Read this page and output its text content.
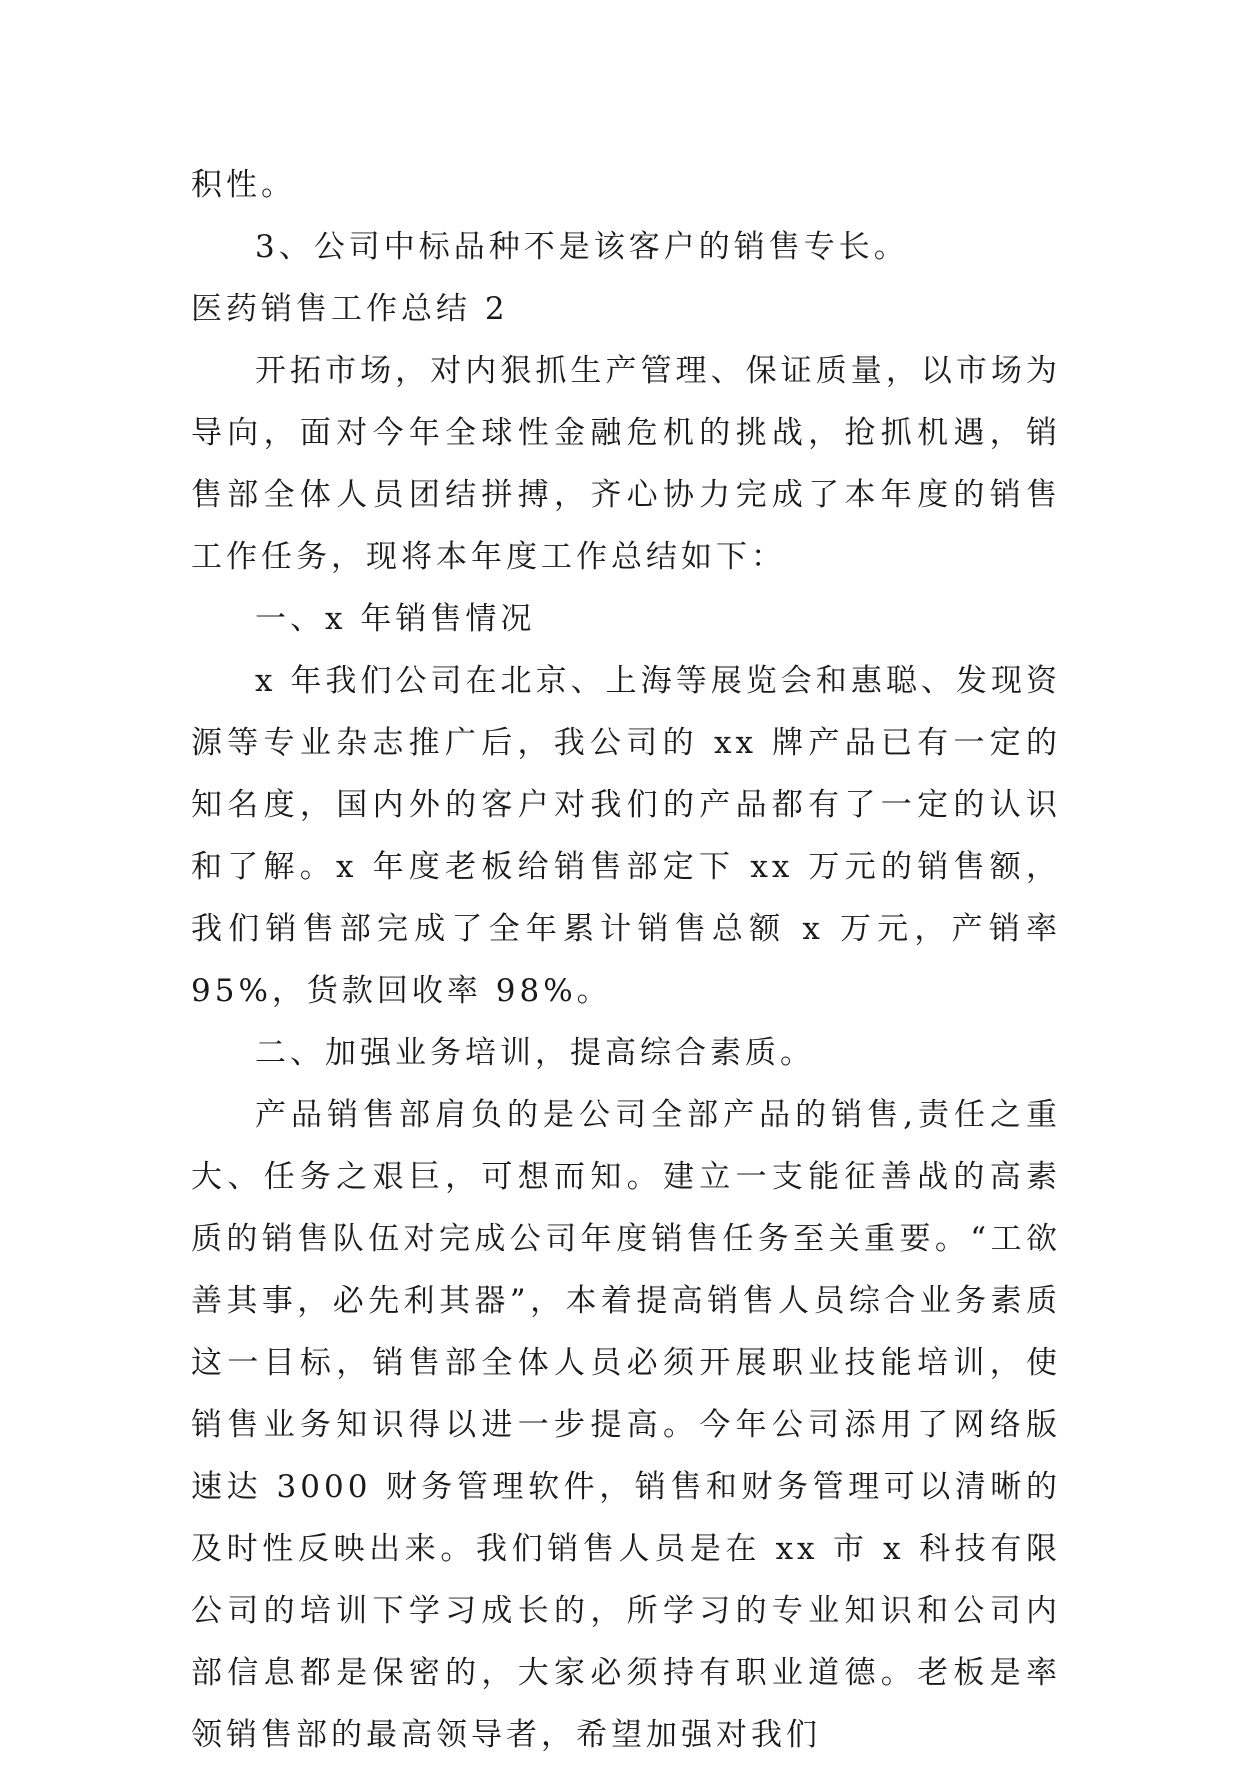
积性。

3、公司中标品种不是该客户的销售专长。

医药销售工作总结 2

开拓市场，对内狠抓生产管理、保证质量，以市场为导向，面对今年全球性金融危机的挑战，抢抓机遇，销售部全体人员团结拼搏，齐心协力完成了本年度的销售工作任务，现将本年度工作总结如下：

一、x 年销售情况

x 年我们公司在北京、上海等展览会和惠聪、发现资源等专业杂志推广后，我公司的 xx 牌产品已有一定的知名度，国内外的客户对我们的产品都有了一定的认识和了解。x 年度老板给销售部定下 xx 万元的销售额，我们销售部完成了全年累计销售总额 x 万元，产销率 95%，货款回收率 98%。

二、加强业务培训，提高综合素质。

产品销售部肩负的是公司全部产品的销售,责任之重大、任务之艰巨，可想而知。建立一支能征善战的高素质的销售队伍对完成公司年度销售任务至关重要。“工欲善其事，必先利其器”，本着提高销售人员综合业务素质这一目标，销售部全体人员必须开展职业技能培训，使销售业务知识得以进一步提高。今年公司添用了网络版速达 3000 财务管理软件，销售和财务管理可以清晰的及时性反映出来。我们销售人员是在 xx 市 x 科技有限公司的培训下学习成长的，所学习的专业知识和公司内部信息都是保密的，大家必须持有职业道德。老板是率领销售部的最高领导者，希望加强对我们
